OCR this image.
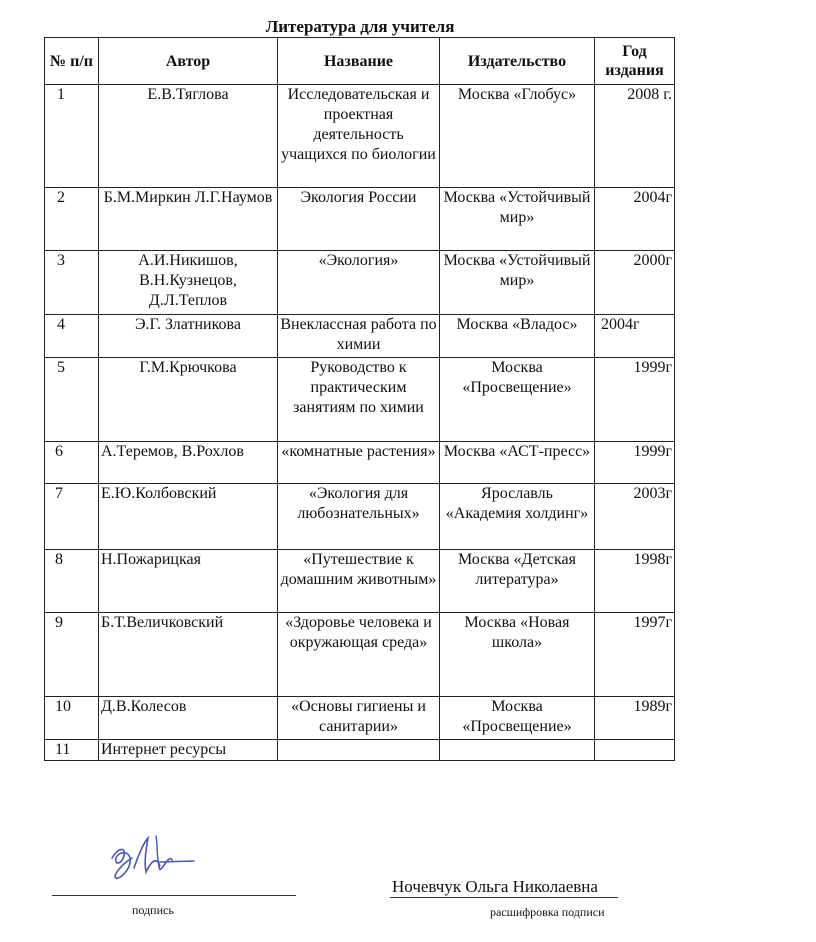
Литература для учителя
№ п/п	Автор	Название	Издательство	Год издания
1	Е.В.Тяглова	Исследовательская и проектная деятельность учащихся по биологии	Москва «Глобус»	2008 г.
2	Б.М.Миркин Л.Г.Наумов	Экология России	Москва «Устойчивый мир»	2004г
3	А.И.Никишов, В.Н.Кузнецов, Д.Л.Теплов	«Экология»	Москва «Устойчивый мир»	2000г
4	Э.Г. Златникова	Внеклассная работа по химии	Москва «Владос»	2004г
5	Г.М.Крючкова	Руководство к практическим занятиям по химии	Москва «Просвещение»	1999г
6	А.Теремов, В.Рохлов	«комнатные растения»	Москва «АСТ-пресс»	1999г
7	Е.Ю.Колбовский	«Экология для любознательных»	Ярославль «Академия холдинг»	2003г
8	Н.Пожарицкая	«Путешествие к домашним животным»	Москва «Детская литература»	1998г
9	Б.Т.Величковский	«Здоровье человека и окружающая среда»	Москва «Новая школа»	1997г
10	Д.В.Колесов	«Основы гигиены и санитарии»	Москва «Просвещение»	1989г
11	Интернет ресурсы			
подпись
Ночевчук Ольга Николаевна
расшифровка подписи
